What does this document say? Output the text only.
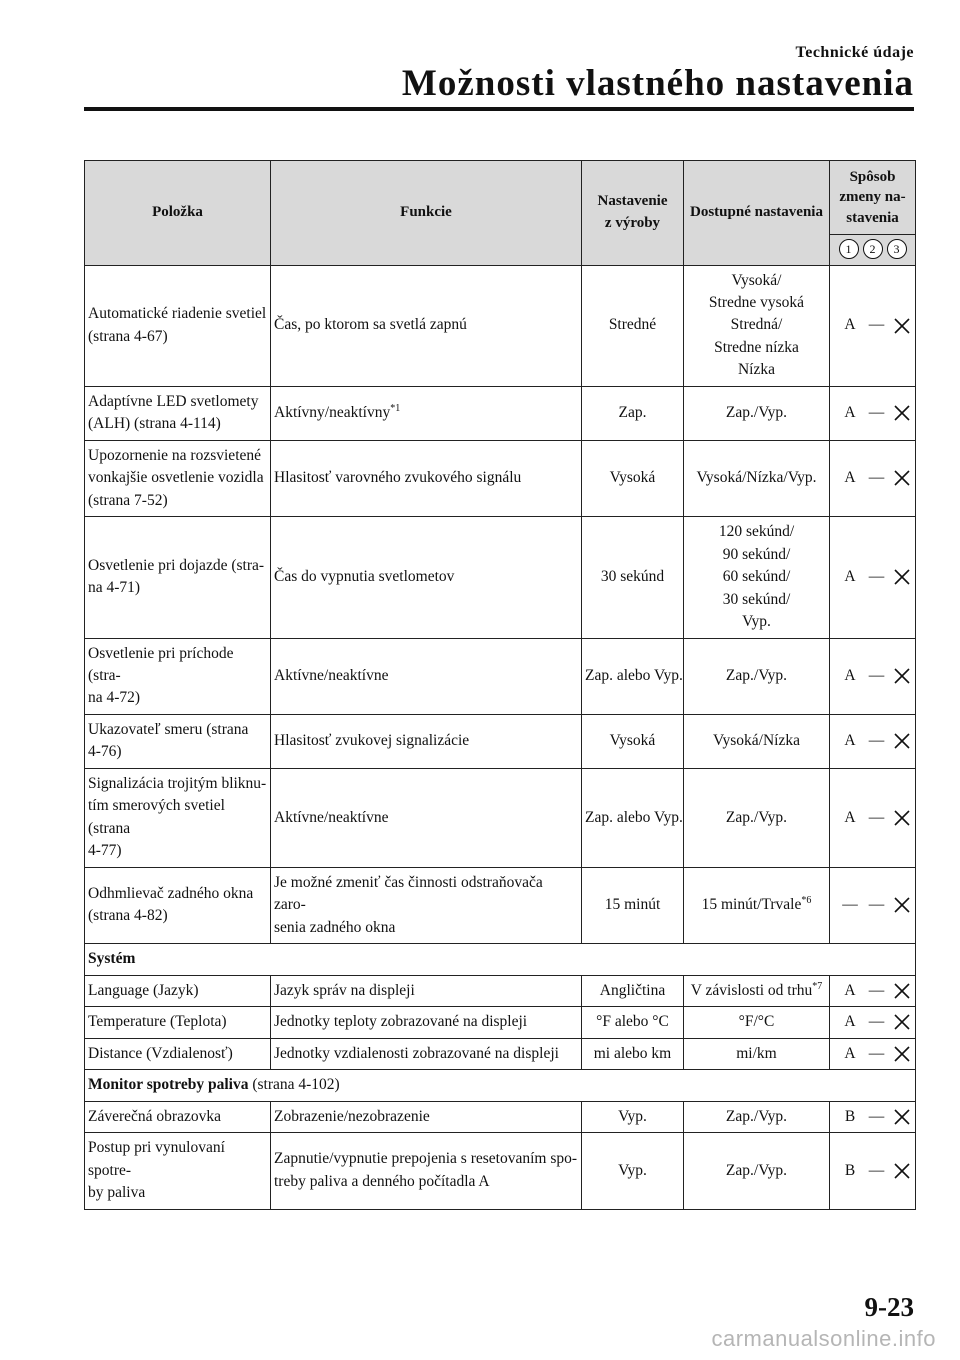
Technické údaje
Možnosti vlastného nastavenia
Položka	Funkcie	Nastavenie
z výroby	Dostupné nastavenia	Spôsob
zmeny na-
stavenia
				1 2 3
Automatické riadenie svetiel
(strana 4-67)	Čas, po ktorom sa svetlá zapnú	Stredné	Vysoká/
Stredne vysoká
Stredná/
Stredne nízka
Nízka	A —

Adaptívne LED svetlomety
(ALH) (strana 4-114)	Aktívny/neaktívny$^{*1}$	Zap.	Zap./Vyp.	A —

Upozornenie na rozsvietené
vonkajšie osvetlenie vozidla
(strana 7-52)	Hlasitosť varovného zvukového signálu	Vysoká	Vysoká/Nízka/Vyp.	A —

Osvetlenie pri dojazde (stra-
na 4-71)	Čas do vypnutia svetlometov	30 sekúnd	120 sekúnd/
90 sekúnd/
60 sekúnd/
30 sekúnd/
Vyp.	A —

Osvetlenie pri príchode (stra-
na 4-72)	Aktívne/neaktívne	Zap. alebo Vyp.	Zap./Vyp.	A —

Ukazovateľ smeru (strana
4-76)	Hlasitosť zvukovej signalizácie	Vysoká	Vysoká/Nízka	A —

Signalizácia trojitým bliknu-
tím smerových svetiel (strana
4-77)	Aktívne/neaktívne	Zap. alebo Vyp.	Zap./Vyp.	A —

Odhmlievač zadného okna
(strana 4-82)	Je možné zmeniť čas činnosti odstraňovača zaro-
senia zadného okna	15 minút	15 minút/Trvale$^{*6}$	— —

Systém				
Language (Jazyk)	Jazyk správ na displeji	Angličtina	V závislosti od trhu$^{*7}$	A —

Temperature (Teplota)	Jednotky teploty zobrazované na displeji	°F alebo °C	°F/°C	A —

Distance (Vzdialenosť)	Jednotky vzdialenosti zobrazované na displeji	mi alebo km	mi/km	A —

Monitor spotreby paliva (strana 4-102)				
Záverečná obrazovka	Zobrazenie/nezobrazenie	Vyp.	Zap./Vyp.	B —

Postup pri vynulovaní spotre-
by paliva	Zapnutie/vypnutie prepojenia s resetovaním spo-
treby paliva a denného počítadla A	Vyp.	Zap./Vyp.	B —
9-23
carmanualsonline.info
